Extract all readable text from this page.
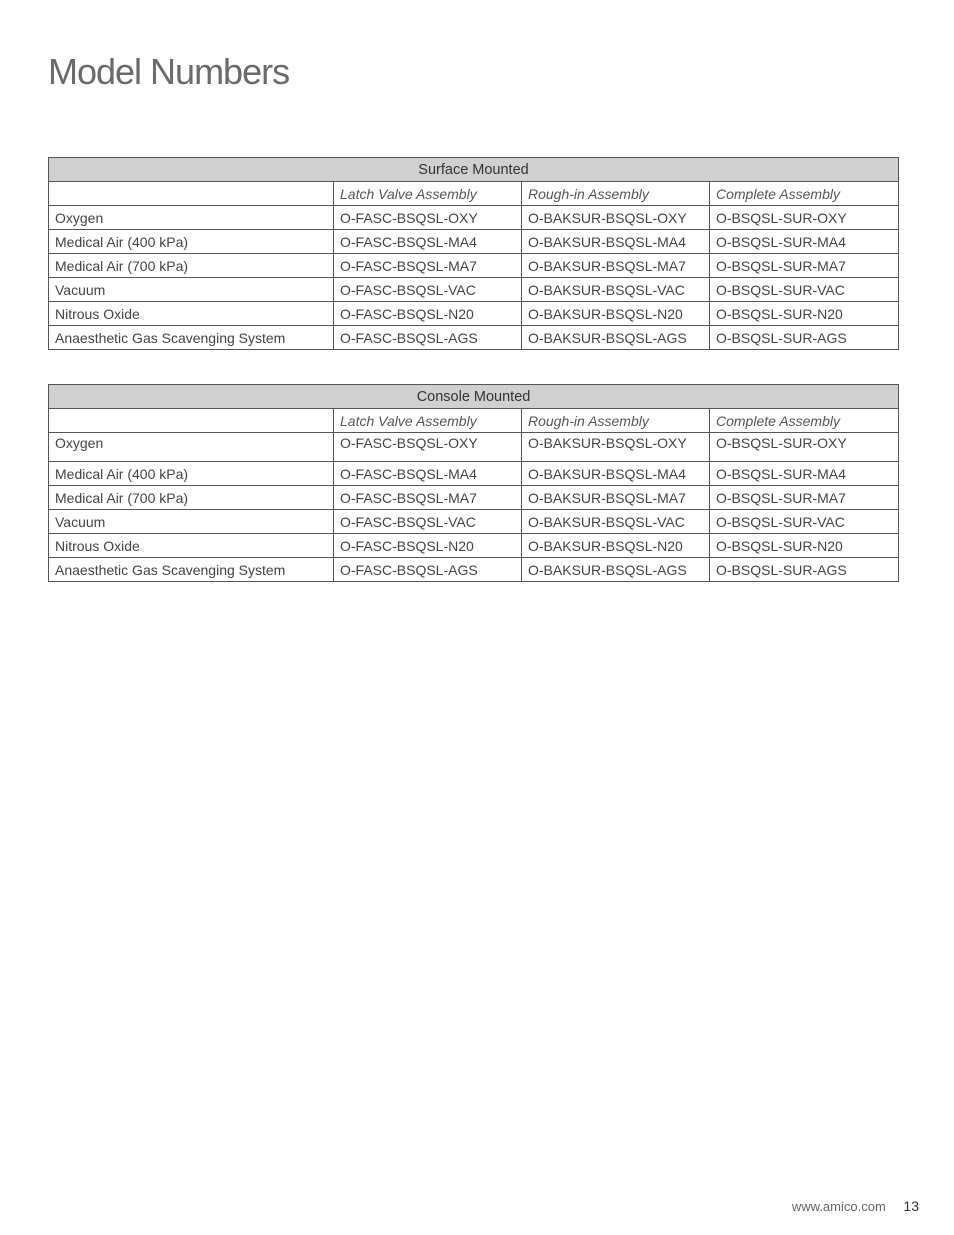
Model Numbers
Surface Mounted			
	Latch Valve Assembly	Rough-in Assembly	Complete Assembly
Oxygen	O-FASC-BSQSL-OXY	O-BAKSUR-BSQSL-OXY	O-BSQSL-SUR-OXY
Medical Air (400 kPa)	O-FASC-BSQSL-MA4	O-BAKSUR-BSQSL-MA4	O-BSQSL-SUR-MA4
Medical Air (700 kPa)	O-FASC-BSQSL-MA7	O-BAKSUR-BSQSL-MA7	O-BSQSL-SUR-MA7
Vacuum	O-FASC-BSQSL-VAC	O-BAKSUR-BSQSL-VAC	O-BSQSL-SUR-VAC
Nitrous Oxide	O-FASC-BSQSL-N20	O-BAKSUR-BSQSL-N20	O-BSQSL-SUR-N20
Anaesthetic Gas Scavenging System	O-FASC-BSQSL-AGS	O-BAKSUR-BSQSL-AGS	O-BSQSL-SUR-AGS
Console Mounted			
	Latch Valve Assembly	Rough-in Assembly	Complete Assembly
Oxygen	O-FASC-BSQSL-OXY	O-BAKSUR-BSQSL-OXY	O-BSQSL-SUR-OXY
Medical Air (400 kPa)	O-FASC-BSQSL-MA4	O-BAKSUR-BSQSL-MA4	O-BSQSL-SUR-MA4
Medical Air (700 kPa)	O-FASC-BSQSL-MA7	O-BAKSUR-BSQSL-MA7	O-BSQSL-SUR-MA7
Vacuum	O-FASC-BSQSL-VAC	O-BAKSUR-BSQSL-VAC	O-BSQSL-SUR-VAC
Nitrous Oxide	O-FASC-BSQSL-N20	O-BAKSUR-BSQSL-N20	O-BSQSL-SUR-N20
Anaesthetic Gas Scavenging System	O-FASC-BSQSL-AGS	O-BAKSUR-BSQSL-AGS	O-BSQSL-SUR-AGS
www.amico.com 13
